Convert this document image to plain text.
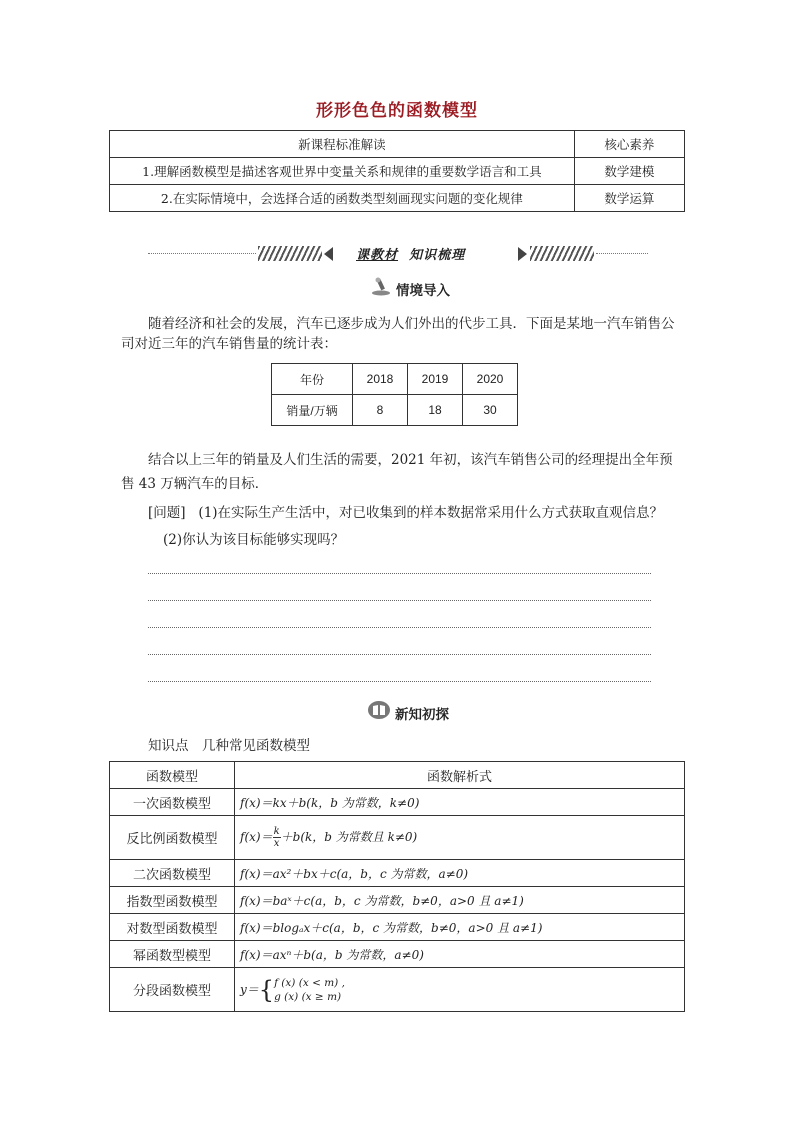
形形色色的函数模型
新课程标准解读	核心素养
1.理解函数模型是描述客观世界中变量关系和规律的重要数学语言和工具	数学建模
2.在实际情境中，会选择合适的函数类型刻画现实问题的变化规律	数学运算
课教材 知识梳理
情境导入
随着经济和社会的发展，汽车已逐步成为人们外出的代步工具．下面是某地一汽车销售公司对近三年的汽车销售量的统计表：
年份	2018	2019	2020
销量/万辆	8	18	30
结合以上三年的销量及人们生活的需要，2021 年初，该汽车销售公司的经理提出全年预售 43 万辆汽车的目标．
[问题] (1)在实际生产生活中，对已收集到的样本数据常采用什么方式获取直观信息？
(2)你认为该目标能够实现吗？
新知初探
知识点　几种常见函数模型
函数模型	函数解析式
一次函数模型	f(x)＝kx＋b(k，b 为常数，k≠0)
反比例函数模型	$f(x)= \frac{k}{x} +b(k$，b 为常数且 k≠0)
二次函数模型	f(x)＝ax²＋bx＋c(a，b，c 为常数，a≠0)
指数型函数模型	f(x)＝baˣ＋c(a，b，c 为常数，b≠0，a>0 且 a≠1)
对数型函数模型	f(x)＝blogₐx＋c(a，b，c 为常数，b≠0，a>0 且 a≠1)
幂函数型模型	f(x)＝axⁿ＋b(a，b 为常数，a≠0)
分段函数模型	y＝{ f (x) (x < m) ,
g (x) (x ≥ m)
